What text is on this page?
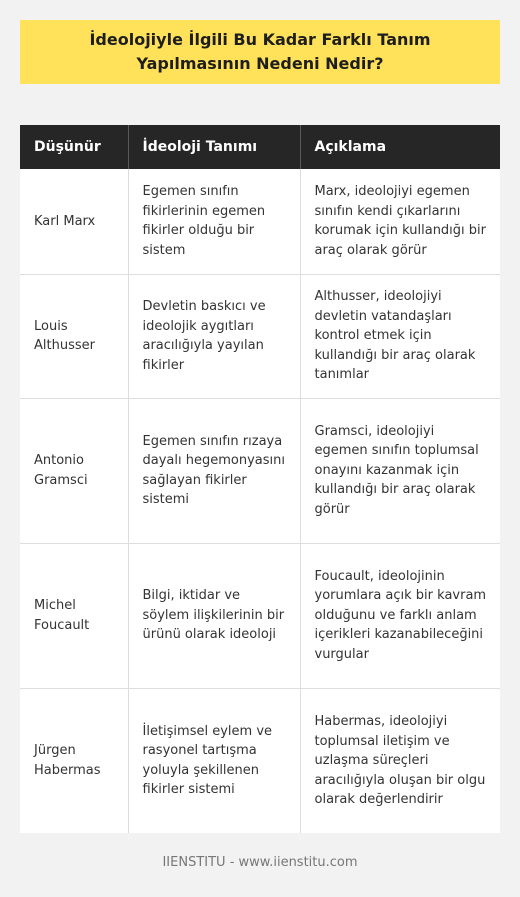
İdeolojiyle İlgili Bu Kadar Farklı Tanım Yapılmasının Nedeni Nedir?
Düşünür	İdeoloji Tanımı	Açıklama
Karl Marx	Egemen sınıfın fikirlerinin egemen fikirler olduğu bir sistem	Marx, ideolojiyi egemen sınıfın kendi çıkarlarını korumak için kullandığı bir araç olarak görür
Louis Althusser	Devletin baskıcı ve ideolojik aygıtları aracılığıyla yayılan fikirler	Althusser, ideolojiyi devletin vatandaşları kontrol etmek için kullandığı bir araç olarak tanımlar
Antonio Gramsci	Egemen sınıfın rızaya dayalı hegemonyasını sağlayan fikirler sistemi	Gramsci, ideolojiyi egemen sınıfın toplumsal onayını kazanmak için kullandığı bir araç olarak görür
Michel Foucault	Bilgi, iktidar ve söylem ilişkilerinin bir ürünü olarak ideoloji	Foucault, ideolojinin yorumlara açık bir kavram olduğunu ve farklı anlam içerikleri kazanabileceğini vurgular
Jürgen Habermas	İletişimsel eylem ve rasyonel tartışma yoluyla şekillenen fikirler sistemi	Habermas, ideolojiyi toplumsal iletişim ve uzlaşma süreçleri aracılığıyla oluşan bir olgu olarak değerlendirir
IIENSTITU - www.iienstitu.com
